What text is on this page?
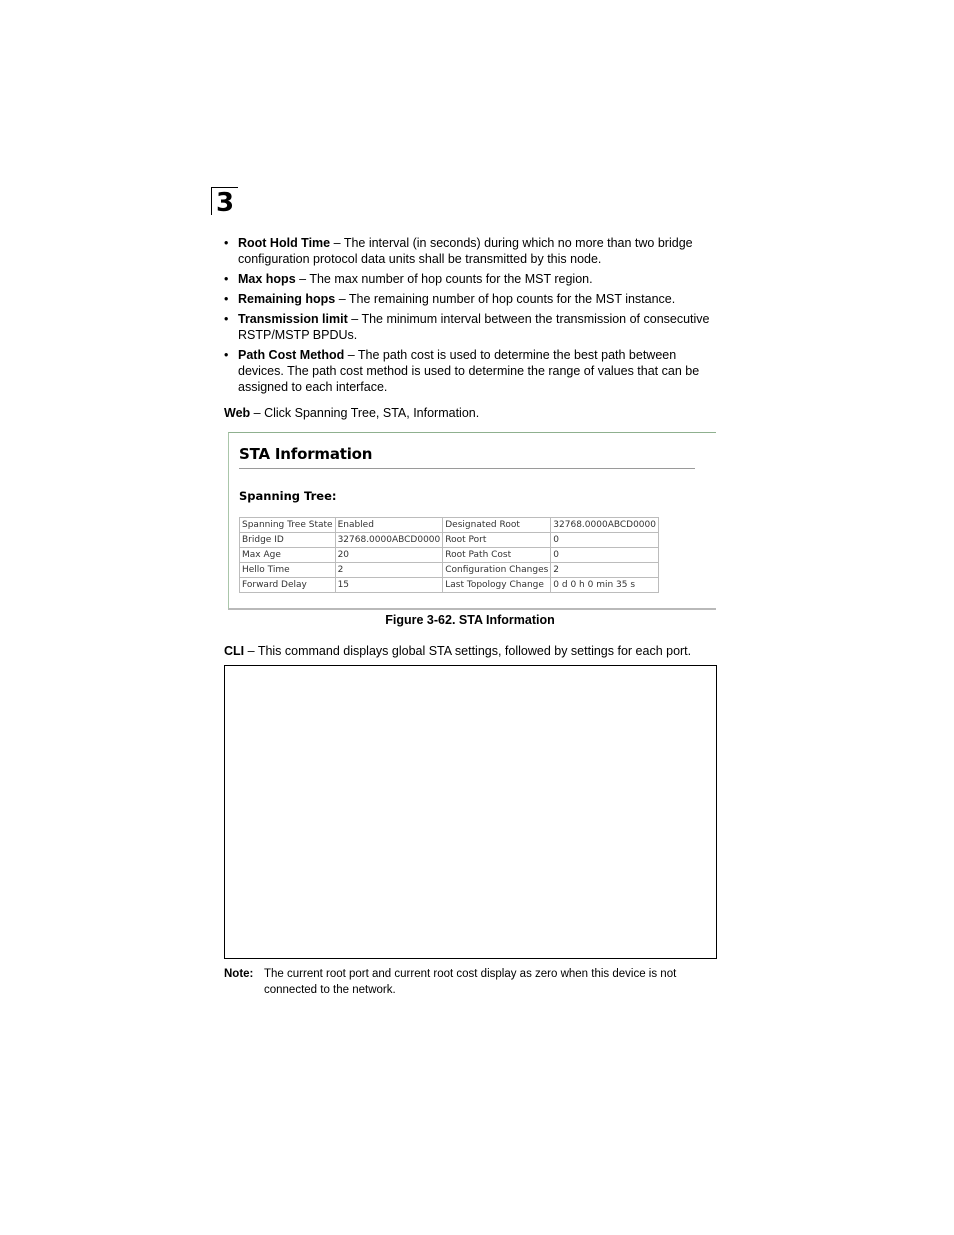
3
• Root Hold Time – The interval (in seconds) during which no more than two bridge configuration protocol data units shall be transmitted by this node.
• Max hops – The max number of hop counts for the MST region.
• Remaining hops – The remaining number of hop counts for the MST instance.
• Transmission limit – The minimum interval between the transmission of consecutive RSTP/MSTP BPDUs.
• Path Cost Method – The path cost is used to determine the best path between devices. The path cost method is used to determine the range of values that can be assigned to each interface.

Web – Click Spanning Tree, STA, Information.

STA Information
Spanning Tree:
Spanning Tree State	Enabled	Designated Root	32768.0000ABCD0000
Bridge ID	32768.0000ABCD0000	Root Port	0
Max Age	20	Root Path Cost	0
Hello Time	2	Configuration Changes	2
Forward Delay	15	Last Topology Change	0 d 0 h 0 min 35 s

Figure 3-62. STA Information

CLI – This command displays global STA settings, followed by settings for each port.

Note: The current root port and current root cost display as zero when this device is not connected to the network.
